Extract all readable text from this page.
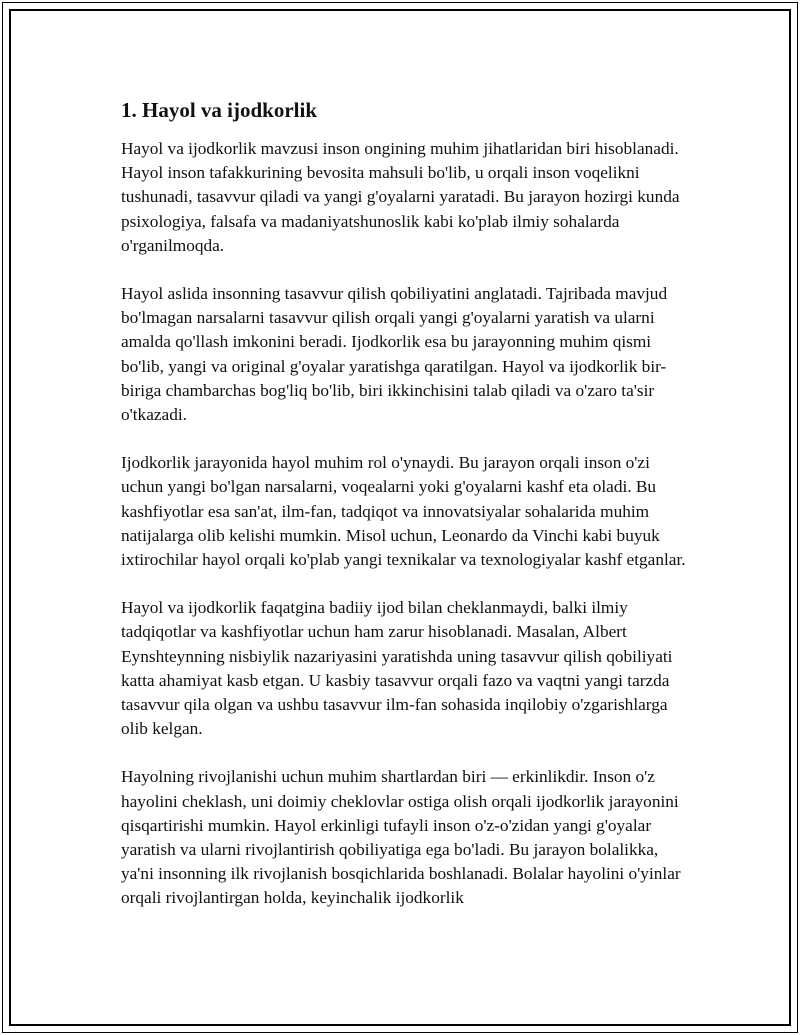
1. Hayol va ijodkorlik

Hayol va ijodkorlik mavzusi inson ongining muhim jihatlaridan biri hisoblanadi. Hayol inson tafakkurining bevosita mahsuli bo'lib, u orqali inson voqelikni tushunadi, tasavvur qiladi va yangi g'oyalarni yaratadi. Bu jarayon hozirgi kunda psixologiya, falsafa va madaniyatshunoslik kabi ko'plab ilmiy sohalarda o'rganilmoqda.

Hayol aslida insonning tasavvur qilish qobiliyatini anglatadi. Tajribada mavjud bo'lmagan narsalarni tasavvur qilish orqali yangi g'oyalarni yaratish va ularni amalda qo'llash imkonini beradi. Ijodkorlik esa bu jarayonning muhim qismi bo'lib, yangi va original g'oyalar yaratishga qaratilgan. Hayol va ijodkorlik bir-biriga chambarchas bog'liq bo'lib, biri ikkinchisini talab qiladi va o'zaro ta'sir o'tkazadi.

Ijodkorlik jarayonida hayol muhim rol o'ynaydi. Bu jarayon orqali inson o'zi uchun yangi bo'lgan narsalarni, voqealarni yoki g'oyalarni kashf eta oladi. Bu kashfiyotlar esa san'at, ilm-fan, tadqiqot va innovatsiyalar sohalarida muhim natijalarga olib kelishi mumkin. Misol uchun, Leonardo da Vinchi kabi buyuk ixtirochilar hayol orqali ko'plab yangi texnikalar va texnologiyalar kashf etganlar.

Hayol va ijodkorlik faqatgina badiiy ijod bilan cheklanmaydi, balki ilmiy tadqiqotlar va kashfiyotlar uchun ham zarur hisoblanadi. Masalan, Albert Eynshteynning nisbiylik nazariyasini yaratishda uning tasavvur qilish qobiliyati katta ahamiyat kasb etgan. U kasbiy tasavvur orqali fazo va vaqtni yangi tarzda tasavvur qila olgan va ushbu tasavvur ilm-fan sohasida inqilobiy o'zgarishlarga olib kelgan.

Hayolning rivojlanishi uchun muhim shartlardan biri — erkinlikdir. Inson o'z hayolini cheklash, uni doimiy cheklovlar ostiga olish orqali ijodkorlik jarayonini qisqartirishi mumkin. Hayol erkinligi tufayli inson o'z-o'zidan yangi g'oyalar yaratish va ularni rivojlantirish qobiliyatiga ega bo'ladi. Bu jarayon bolalikka, ya'ni insonning ilk rivojlanish bosqichlarida boshlanadi. Bolalar hayolini o'yinlar orqali rivojlantirgan holda, keyinchalik ijodkorlik
